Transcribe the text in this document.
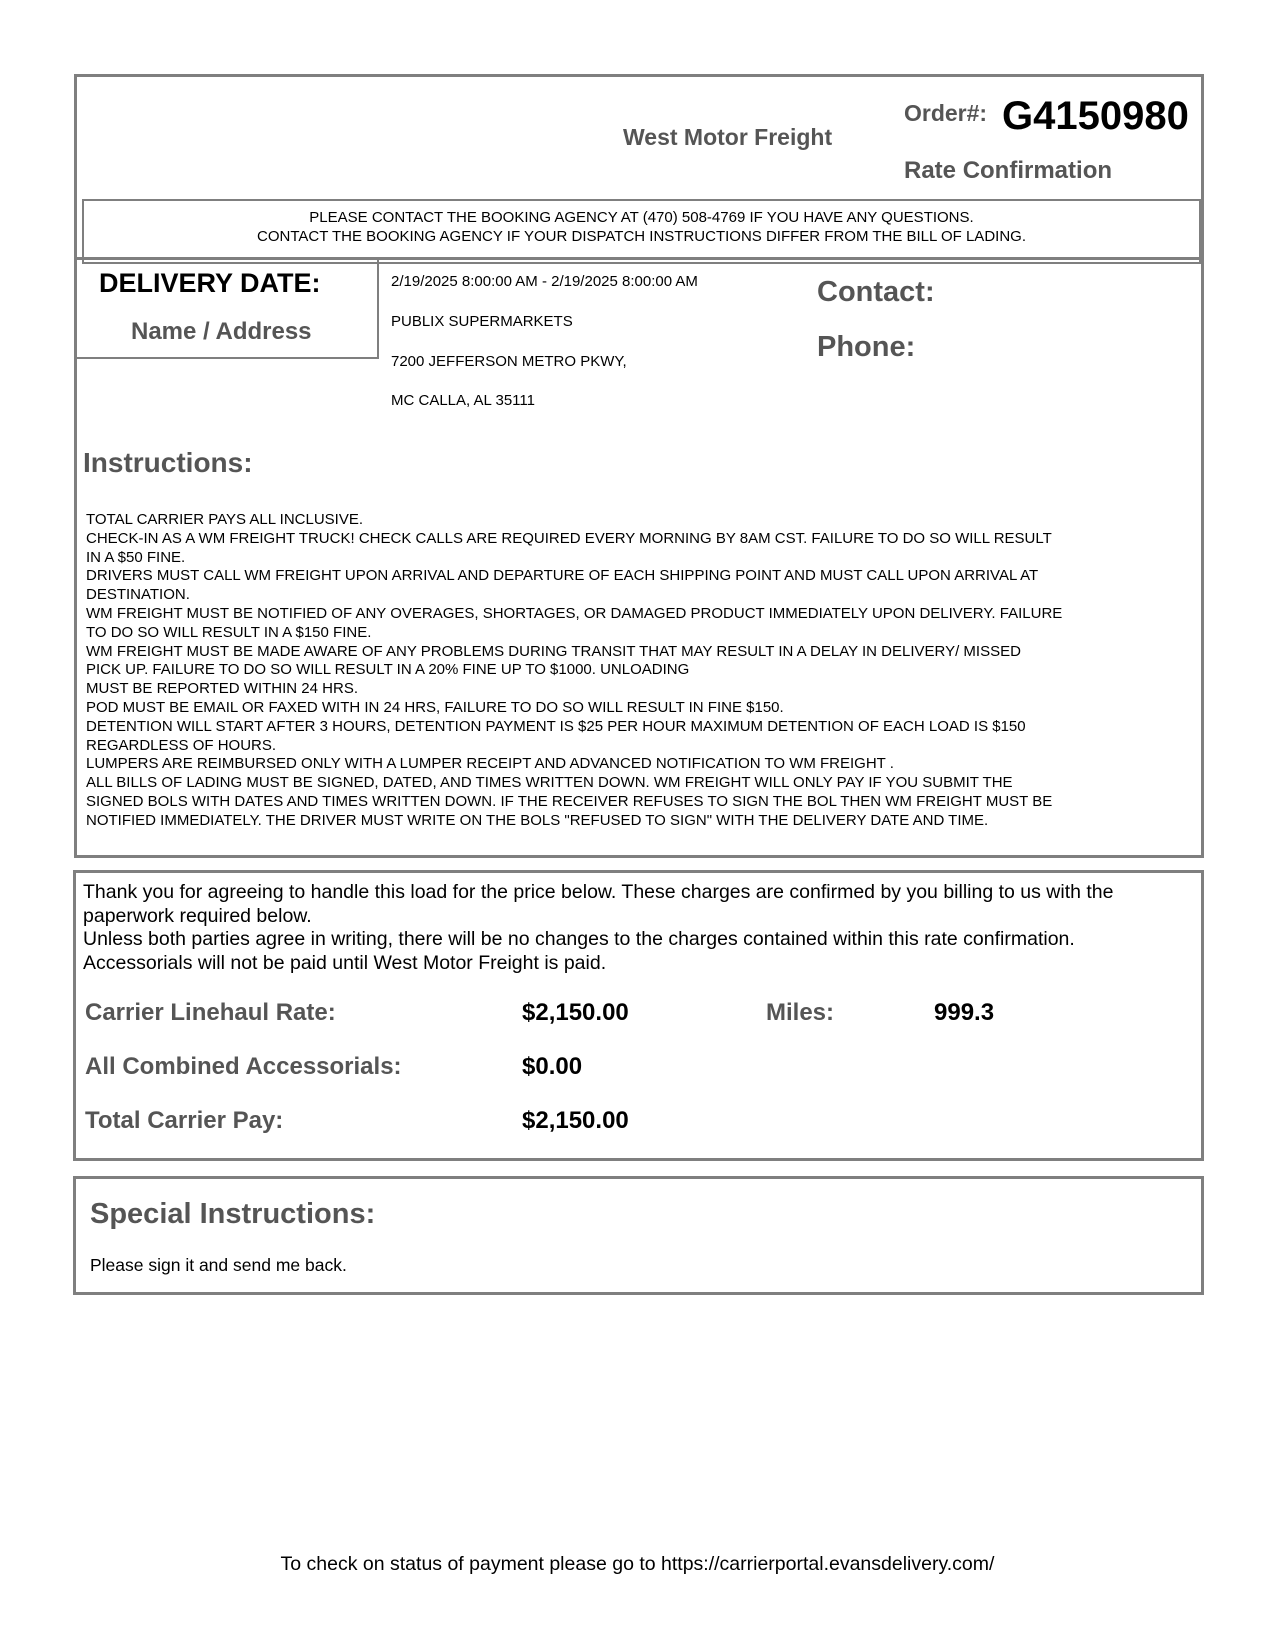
West Motor Freight
Order#: G4150980
Rate Confirmation
PLEASE CONTACT THE BOOKING AGENCY AT (470) 508-4769 IF YOU HAVE ANY QUESTIONS.
CONTACT THE BOOKING AGENCY IF YOUR DISPATCH INSTRUCTIONS DIFFER FROM THE BILL OF LADING.
DELIVERY DATE:
Name / Address
2/19/2025 8:00:00 AM - 2/19/2025 8:00:00 AM
PUBLIX SUPERMARKETS
7200 JEFFERSON METRO PKWY,
MC CALLA, AL 35111
Contact:
Phone:
Instructions:
TOTAL CARRIER PAYS ALL INCLUSIVE.
CHECK-IN AS A WM FREIGHT TRUCK! CHECK CALLS ARE REQUIRED EVERY MORNING BY 8AM CST. FAILURE TO DO SO WILL RESULT
IN A $50 FINE.
DRIVERS MUST CALL WM FREIGHT UPON ARRIVAL AND DEPARTURE OF EACH SHIPPING POINT AND MUST CALL UPON ARRIVAL AT
DESTINATION.
WM FREIGHT MUST BE NOTIFIED OF ANY OVERAGES, SHORTAGES, OR DAMAGED PRODUCT IMMEDIATELY UPON DELIVERY. FAILURE
TO DO SO WILL RESULT IN A $150 FINE.
WM FREIGHT MUST BE MADE AWARE OF ANY PROBLEMS DURING TRANSIT THAT MAY RESULT IN A DELAY IN DELIVERY/ MISSED
PICK UP. FAILURE TO DO SO WILL RESULT IN A 20% FINE UP TO $1000. UNLOADING
MUST BE REPORTED WITHIN 24 HRS.
POD MUST BE EMAIL OR FAXED WITH IN 24 HRS, FAILURE TO DO SO WILL RESULT IN FINE $150.
DETENTION WILL START AFTER 3 HOURS, DETENTION PAYMENT IS $25 PER HOUR MAXIMUM DETENTION OF EACH LOAD IS $150
REGARDLESS OF HOURS.
LUMPERS ARE REIMBURSED ONLY WITH A LUMPER RECEIPT AND ADVANCED NOTIFICATION TO WM FREIGHT .
ALL BILLS OF LADING MUST BE SIGNED, DATED, AND TIMES WRITTEN DOWN. WM FREIGHT WILL ONLY PAY IF YOU SUBMIT THE
SIGNED BOLS WITH DATES AND TIMES WRITTEN DOWN. IF THE RECEIVER REFUSES TO SIGN THE BOL THEN WM FREIGHT MUST BE
NOTIFIED IMMEDIATELY. THE DRIVER MUST WRITE ON THE BOLS "REFUSED TO SIGN" WITH THE DELIVERY DATE AND TIME.
Thank you for agreeing to handle this load for the price below. These charges are confirmed by you billing to us with the
paperwork required below.
Unless both parties agree in writing, there will be no changes to the charges contained within this rate confirmation.
Accessorials will not be paid until West Motor Freight is paid.
Carrier Linehaul Rate:	$2,150.00	Miles:	999.3
All Combined Accessorials:	$0.00
Total Carrier Pay:	$2,150.00
Special Instructions:
Please sign it and send me back.
To check on status of payment please go to https://carrierportal.evansdelivery.com/
